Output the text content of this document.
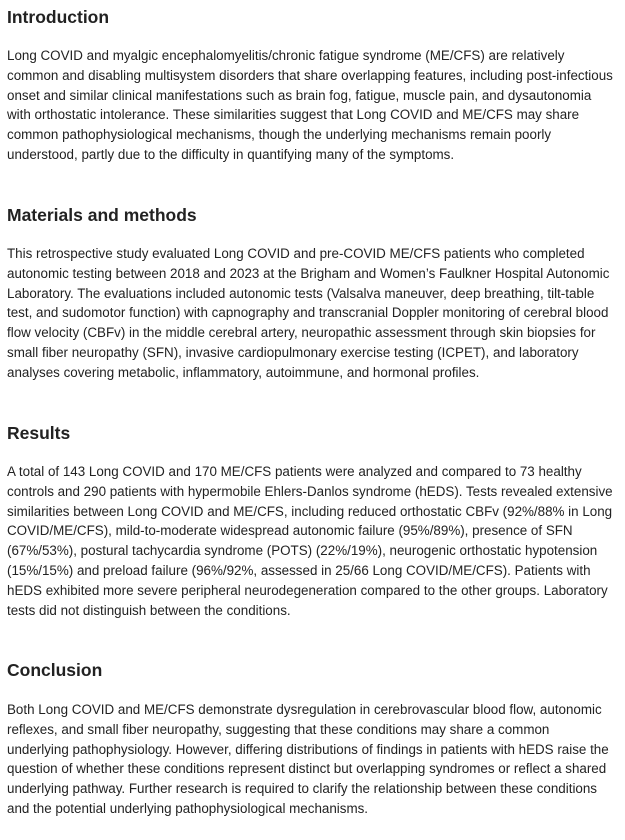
Introduction

Long COVID and myalgic encephalomyelitis/chronic fatigue syndrome (ME/CFS) are relatively common and disabling multisystem disorders that share overlapping features, including post-infectious onset and similar clinical manifestations such as brain fog, fatigue, muscle pain, and dysautonomia with orthostatic intolerance. These similarities suggest that Long COVID and ME/CFS may share common pathophysiological mechanisms, though the underlying mechanisms remain poorly understood, partly due to the difficulty in quantifying many of the symptoms.

Materials and methods

This retrospective study evaluated Long COVID and pre-COVID ME/CFS patients who completed autonomic testing between 2018 and 2023 at the Brigham and Women’s Faulkner Hospital Autonomic Laboratory. The evaluations included autonomic tests (Valsalva maneuver, deep breathing, tilt-table test, and sudomotor function) with capnography and transcranial Doppler monitoring of cerebral blood flow velocity (CBFv) in the middle cerebral artery, neuropathic assessment through skin biopsies for small fiber neuropathy (SFN), invasive cardiopulmonary exercise testing (ICPET), and laboratory analyses covering metabolic, inflammatory, autoimmune, and hormonal profiles.

Results

A total of 143 Long COVID and 170 ME/CFS patients were analyzed and compared to 73 healthy controls and 290 patients with hypermobile Ehlers-Danlos syndrome (hEDS). Tests revealed extensive similarities between Long COVID and ME/CFS, including reduced orthostatic CBFv (92%/88% in Long COVID/ME/CFS), mild-to-moderate widespread autonomic failure (95%/89%), presence of SFN (67%/53%), postural tachycardia syndrome (POTS) (22%/19%), neurogenic orthostatic hypotension (15%/15%) and preload failure (96%/92%, assessed in 25/66 Long COVID/ME/CFS). Patients with hEDS exhibited more severe peripheral neurodegeneration compared to the other groups. Laboratory tests did not distinguish between the conditions.

Conclusion

Both Long COVID and ME/CFS demonstrate dysregulation in cerebrovascular blood flow, autonomic reflexes, and small fiber neuropathy, suggesting that these conditions may share a common underlying pathophysiology. However, differing distributions of findings in patients with hEDS raise the question of whether these conditions represent distinct but overlapping syndromes or reflect a shared underlying pathway. Further research is required to clarify the relationship between these conditions and the potential underlying pathophysiological mechanisms.
